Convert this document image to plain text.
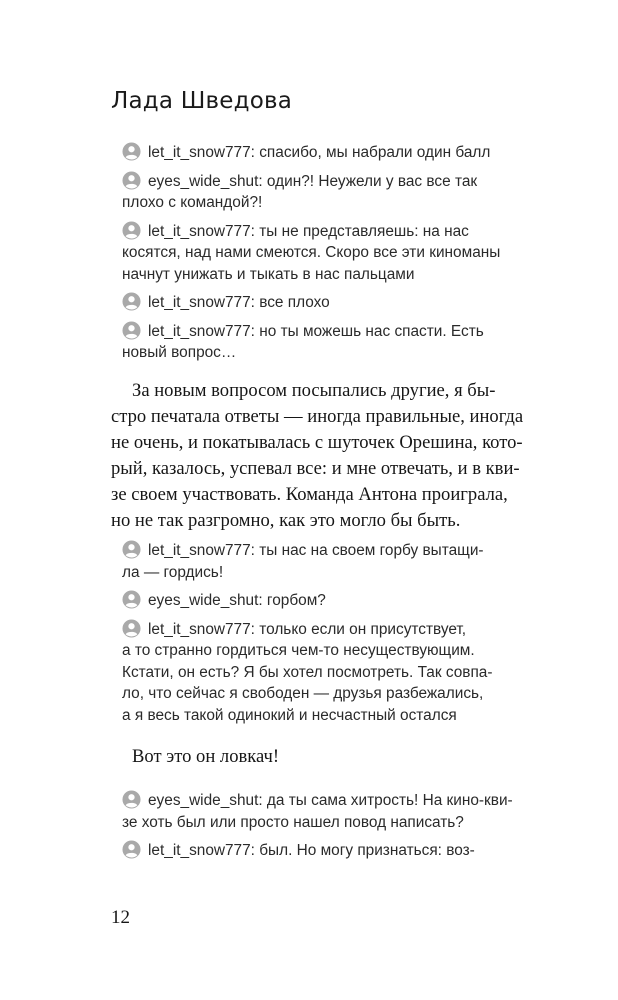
Лада Шведова

let_it_snow777: спасибо, мы набрали один балл

eyes_wide_shut: один?! Неужели у вас все так
плохо с командой?!

let_it_snow777: ты не представляешь: на нас
косятся, над нами смеются. Скоро все эти киноманы
начнут унижать и тыкать в нас пальцами

let_it_snow777: все плохо

let_it_snow777: но ты можешь нас спасти. Есть
новый вопрос…

За новым вопросом посыпались другие, я бы-
стро печатала ответы — иногда правильные, иногда
не очень, и покатывалась с шуточек Орешина, кото-
рый, казалось, успевал все: и мне отвечать, и в кви-
зе своем участвовать. Команда Антона проиграла,
но не так разгромно, как это могло бы быть.

let_it_snow777: ты нас на своем горбу вытащи-
ла — гордись!

eyes_wide_shut: горбом?

let_it_snow777: только если он присутствует,
а то странно гордиться чем-то несуществующим.
Кстати, он есть? Я бы хотел посмотреть. Так совпа-
ло, что сейчас я свободен — друзья разбежались,
а я весь такой одинокий и несчастный остался

Вот это он ловкач!

eyes_wide_shut: да ты сама хитрость! На кино-кви-
зе хоть был или просто нашел повод написать?

let_it_snow777: был. Но могу признаться: воз-

12
